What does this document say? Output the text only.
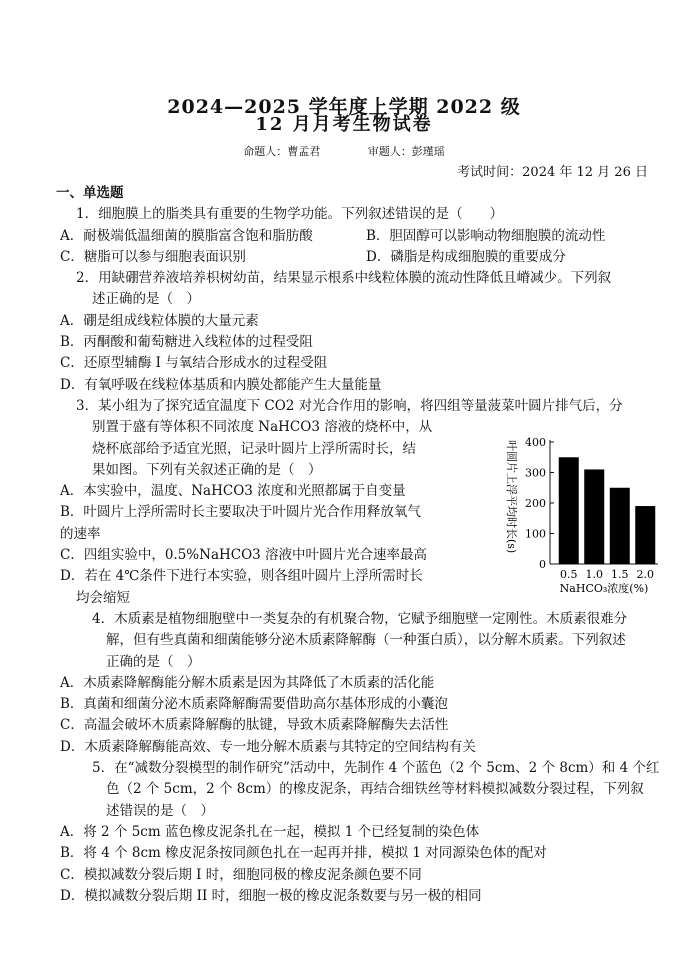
2024—2025 学年度上学期 2022 级
12 月月考生物试卷
命题人：曹孟君	审题人：彭瑾瑶
考试时间：2024 年 12 月 26 日
一、单选题
1．细胞膜上的脂类具有重要的生物学功能。下列叙述错误的是（　　）
A．耐极端低温细菌的膜脂富含饱和脂肪酸	B．胆固醇可以影响动物细胞膜的流动性
C．糖脂可以参与细胞表面识别	D．磷脂是构成细胞膜的重要成分
2．用缺硼营养液培养枳树幼苗，结果显示根系中线粒体膜的流动性降低且嵴减少。下列叙
述正确的是（　）
A．硼是组成线粒体膜的大量元素
B．丙酮酸和葡萄糖进入线粒体的过程受阻
C．还原型辅酶 I 与氧结合形成水的过程受阻
D．有氧呼吸在线粒体基质和内膜处都能产生大量能量
3．某小组为了探究适宜温度下 CO2 对光合作用的影响，将四组等量菠菜叶圆片排气后，分
别置于盛有等体积不同浓度 NaHCO3 溶液的烧杯中，从
烧杯底部给予适宜光照，记录叶圆片上浮所需时长，结
果如图。下列有关叙述正确的是（　）
A．本实验中，温度、NaHCO3 浓度和光照都属于自变量
B．叶圆片上浮所需时长主要取决于叶圆片光合作用释放氧气
的速率
C．四组实验中，0.5%NaHCO3 溶液中叶圆片光合速率最高
D．若在 4℃条件下进行本实验，则各组叶圆片上浮所需时长
均会缩短
叶圆片上浮平均时长(s)
0
100
200
300
400
0.5 1.0 1.5 2.0
NaHCO₃浓度(%)
4．木质素是植物细胞壁中一类复杂的有机聚合物，它赋予细胞壁一定刚性。木质素很难分
解，但有些真菌和细菌能够分泌木质素降解酶（一种蛋白质），以分解木质素。下列叙述
正确的是（　）
A．木质素降解酶能分解木质素是因为其降低了木质素的活化能
B．真菌和细菌分泌木质素降解酶需要借助高尔基体形成的小囊泡
C．高温会破坏木质素降解酶的肽键，导致木质素降解酶失去活性
D．木质素降解酶能高效、专一地分解木质素与其特定的空间结构有关
5．在“减数分裂模型的制作研究”活动中，先制作 4 个蓝色（2 个 5cm、2 个 8cm）和 4 个红
色（2 个 5cm，2 个 8cm）的橡皮泥条，再结合细铁丝等材料模拟减数分裂过程，下列叙
述错误的是（　）
A．将 2 个 5cm 蓝色橡皮泥条扎在一起，模拟 1 个已经复制的染色体
B．将 4 个 8cm 橡皮泥条按同颜色扎在一起再并排，模拟 1 对同源染色体的配对
C．模拟减数分裂后期 I 时，细胞同极的橡皮泥条颜色要不同
D．模拟减数分裂后期 II 时，细胞一极的橡皮泥条数要与另一极的相同
